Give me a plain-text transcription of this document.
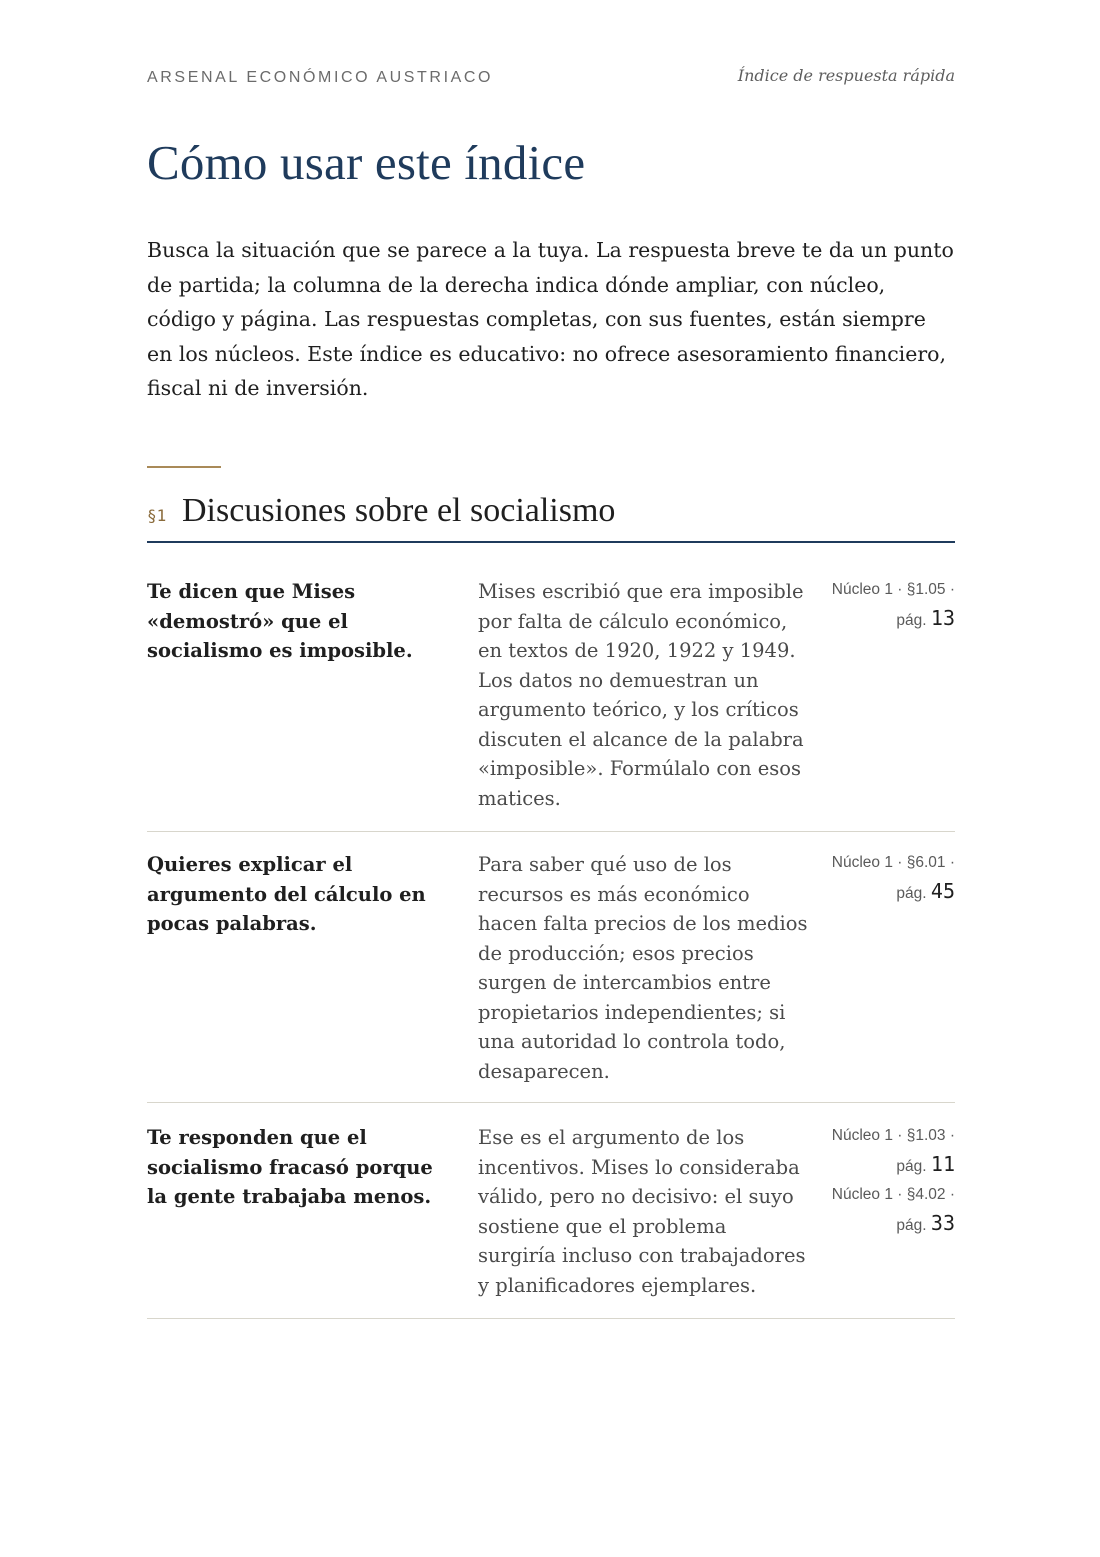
ARSENAL ECONÓMICO AUSTRIACO	Índice de respuesta rápida
Cómo usar este índice

Busca la situación que se parece a la tuya. La respuesta breve te da un punto de partida; la columna de la derecha indica dónde ampliar, con núcleo, código y página. Las respuestas completas, con sus fuentes, están siempre en los núcleos. Este índice es educativo: no ofrece asesoramiento financiero, fiscal ni de inversión.

§1 Discusiones sobre el socialismo
Te dicen que Mises «demostró» que el socialismo es imposible.
Mises escribió que era imposible por falta de cálculo económico, en textos de 1920, 1922 y 1949. Los datos no demuestran un argumento teórico, y los críticos discuten el alcance de la palabra «imposible». Formúlalo con esos matices.
Núcleo 1 · §1.05 ·
pág. 13
Quieres explicar el argumento del cálculo en pocas palabras.
Para saber qué uso de los recursos es más económico hacen falta precios de los medios de producción; esos precios surgen de intercambios entre propietarios independientes; si una autoridad lo controla todo, desaparecen.
Núcleo 1 · §6.01 ·
pág. 45
Te responden que el socialismo fracasó porque la gente trabajaba menos.
Ese es el argumento de los incentivos. Mises lo consideraba válido, pero no decisivo: el suyo sostiene que el problema surgiría incluso con trabajadores y planificadores ejemplares.
Núcleo 1 · §1.03 ·
pág. 11
Núcleo 1 · §4.02 ·
pág. 33
